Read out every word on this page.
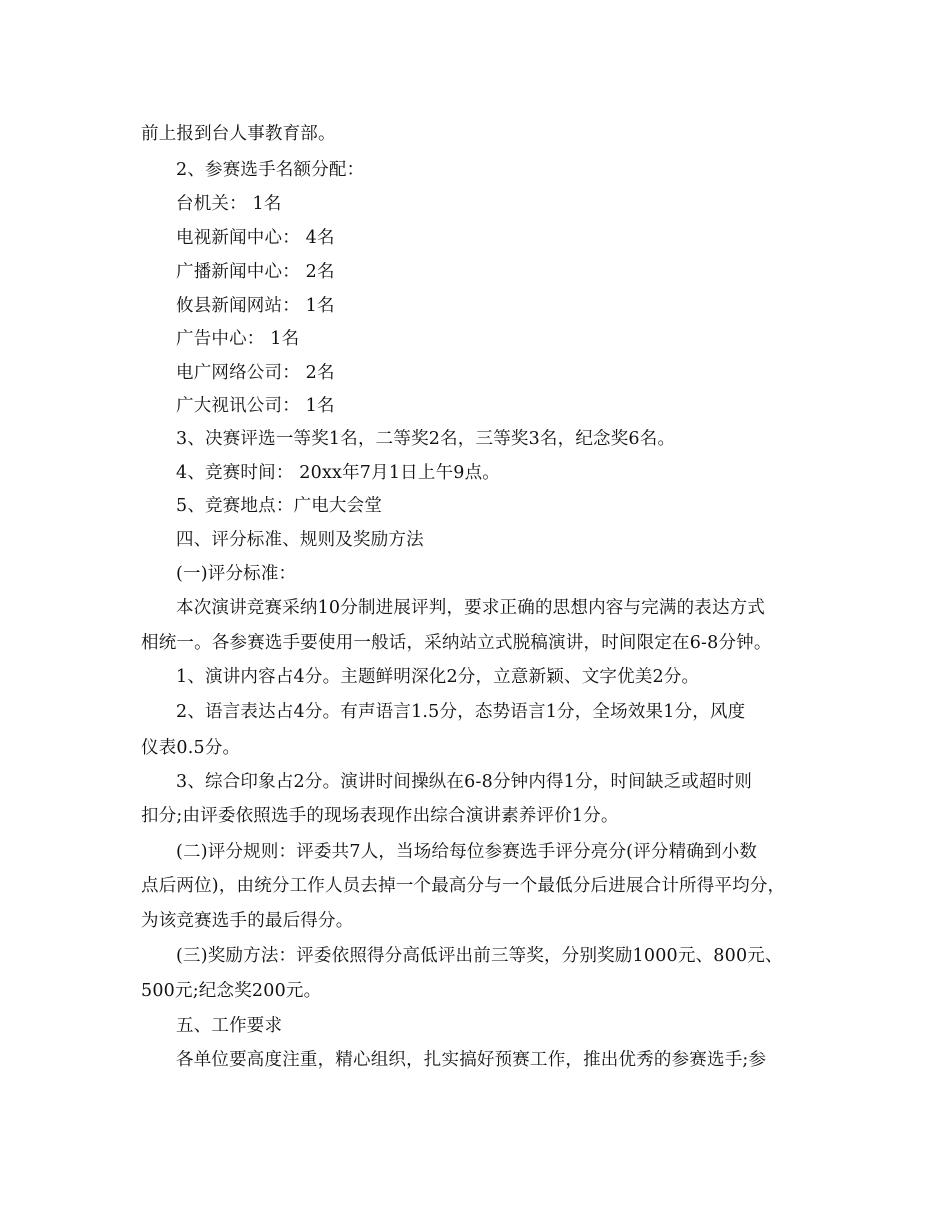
前上报到台人事教育部。
2、参赛选手名额分配：
台机关： 1名
电视新闻中心： 4名
广播新闻中心： 2名
攸县新闻网站： 1名
广告中心： 1名
电广网络公司： 2名
广大视讯公司： 1名
3、决赛评选一等奖1名，二等奖2名，三等奖3名，纪念奖6名。
4、竞赛时间： 20xx年7月1日上午9点。
5、竞赛地点：广电大会堂
四、评分标准、规则及奖励方法
(一)评分标准：
本次演讲竞赛采纳10分制进展评判，要求正确的思想内容与完满的表达方式
相统一。各参赛选手要使用一般话，采纳站立式脱稿演讲，时间限定在6-8分钟。
1、演讲内容占4分。主题鲜明深化2分，立意新颖、文字优美2分。
2、语言表达占4分。有声语言1.5分，态势语言1分，全场效果1分，风度
仪表0.5分。
3、综合印象占2分。演讲时间操纵在6-8分钟内得1分，时间缺乏或超时则
扣分;由评委依照选手的现场表现作出综合演讲素养评价1分。
(二)评分规则：评委共7人，当场给每位参赛选手评分亮分(评分精确到小数
点后两位)，由统分工作人员去掉一个最高分与一个最低分后进展合计所得平均分，
为该竞赛选手的最后得分。
(三)奖励方法：评委依照得分高低评出前三等奖，分别奖励1000元、800元、
500元;纪念奖200元。
五、工作要求
各单位要高度注重，精心组织，扎实搞好预赛工作，推出优秀的参赛选手;参
